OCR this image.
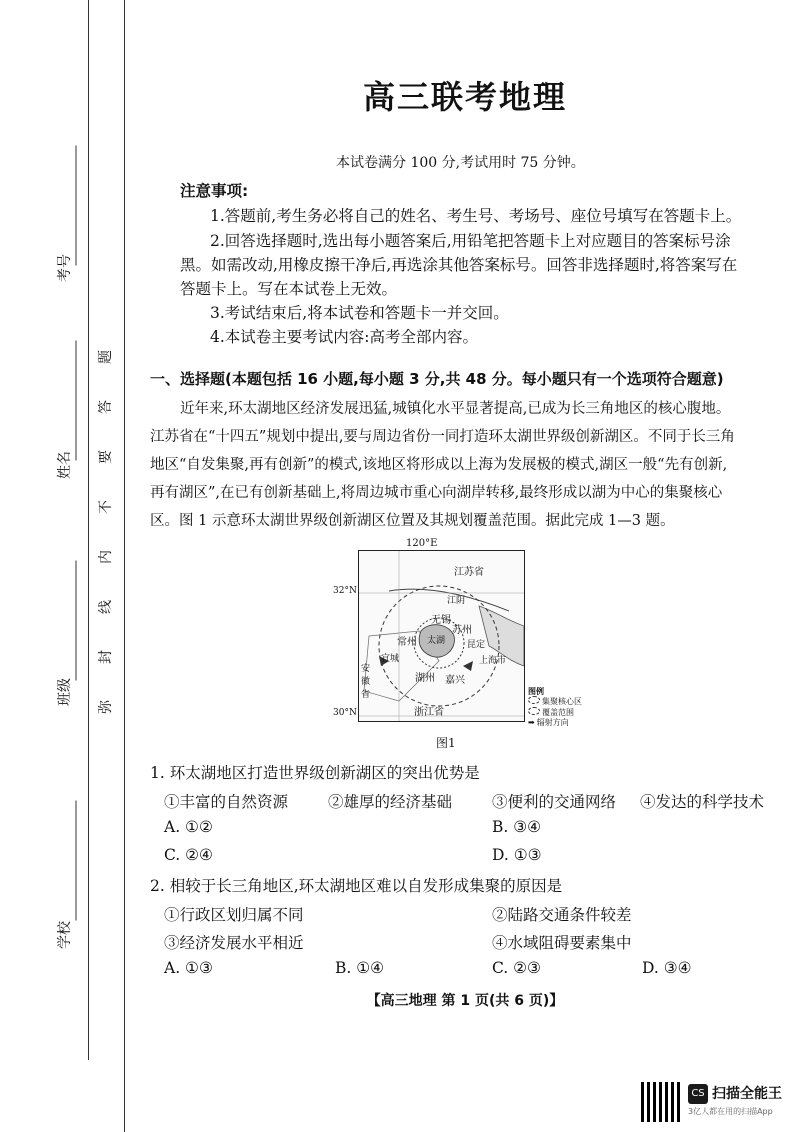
考号
姓名
班级
学校
题
答
要
不
内
线
封
弥
高三联考地理
本试卷满分 100 分,考试用时 75 分钟。
注意事项:
1.答题前,考生务必将自己的姓名、考生号、考场号、座位号填写在答题卡上。
2.回答选择题时,选出每小题答案后,用铅笔把答题卡上对应题目的答案标号涂
黑。如需改动,用橡皮擦干净后,再选涂其他答案标号。回答非选择题时,将答案写在
答题卡上。写在本试卷上无效。
3.考试结束后,将本试卷和答题卡一并交回。
4.本试卷主要考试内容:高考全部内容。
一、选择题(本题包括 16 小题,每小题 3 分,共 48 分。每小题只有一个选项符合题意)
近年来,环太湖地区经济发展迅猛,城镇化水平显著提高,已成为长三角地区的核心腹地。
江苏省在“十四五”规划中提出,要与周边省份一同打造环太湖世界级创新湖区。不同于长三角
地区“自发集聚,再有创新”的模式,该地区将形成以上海为发展极的模式,湖区一般“先有创新,
再有湖区”,在已有创新基础上,将周边城市重心向湖岸转移,最终形成以湖为中心的集聚核心
区。图 1 示意环太湖世界级创新湖区位置及其规划覆盖范围。据此完成 1—3 题。
江苏省
常州
无锡
苏州
太湖 昆定
上海市
宜城
安徽省
湖州 嘉兴
浙江省
江阴
120°E
32°N
30°N
图例
集聚核心区
覆盖范围
➡ 辐射方向
图1
1. 环太湖地区打造世界级创新湖区的突出优势是
①丰富的自然资源	②雄厚的经济基础	③便利的交通网络 ④发达的科学技术
A. ①②	B. ③④
C. ②④	D. ①③
2. 相较于长三角地区,环太湖地区难以自发形成集聚的原因是
①行政区划归属不同	②陆路交通条件较差
③经济发展水平相近	④水域阻碍要素集中
A. ①③	B. ①④	C. ②③	D. ③④
【高三地理 第 1 页(共 6 页)】
CS 扫描全能王
3亿人都在用的扫描App
